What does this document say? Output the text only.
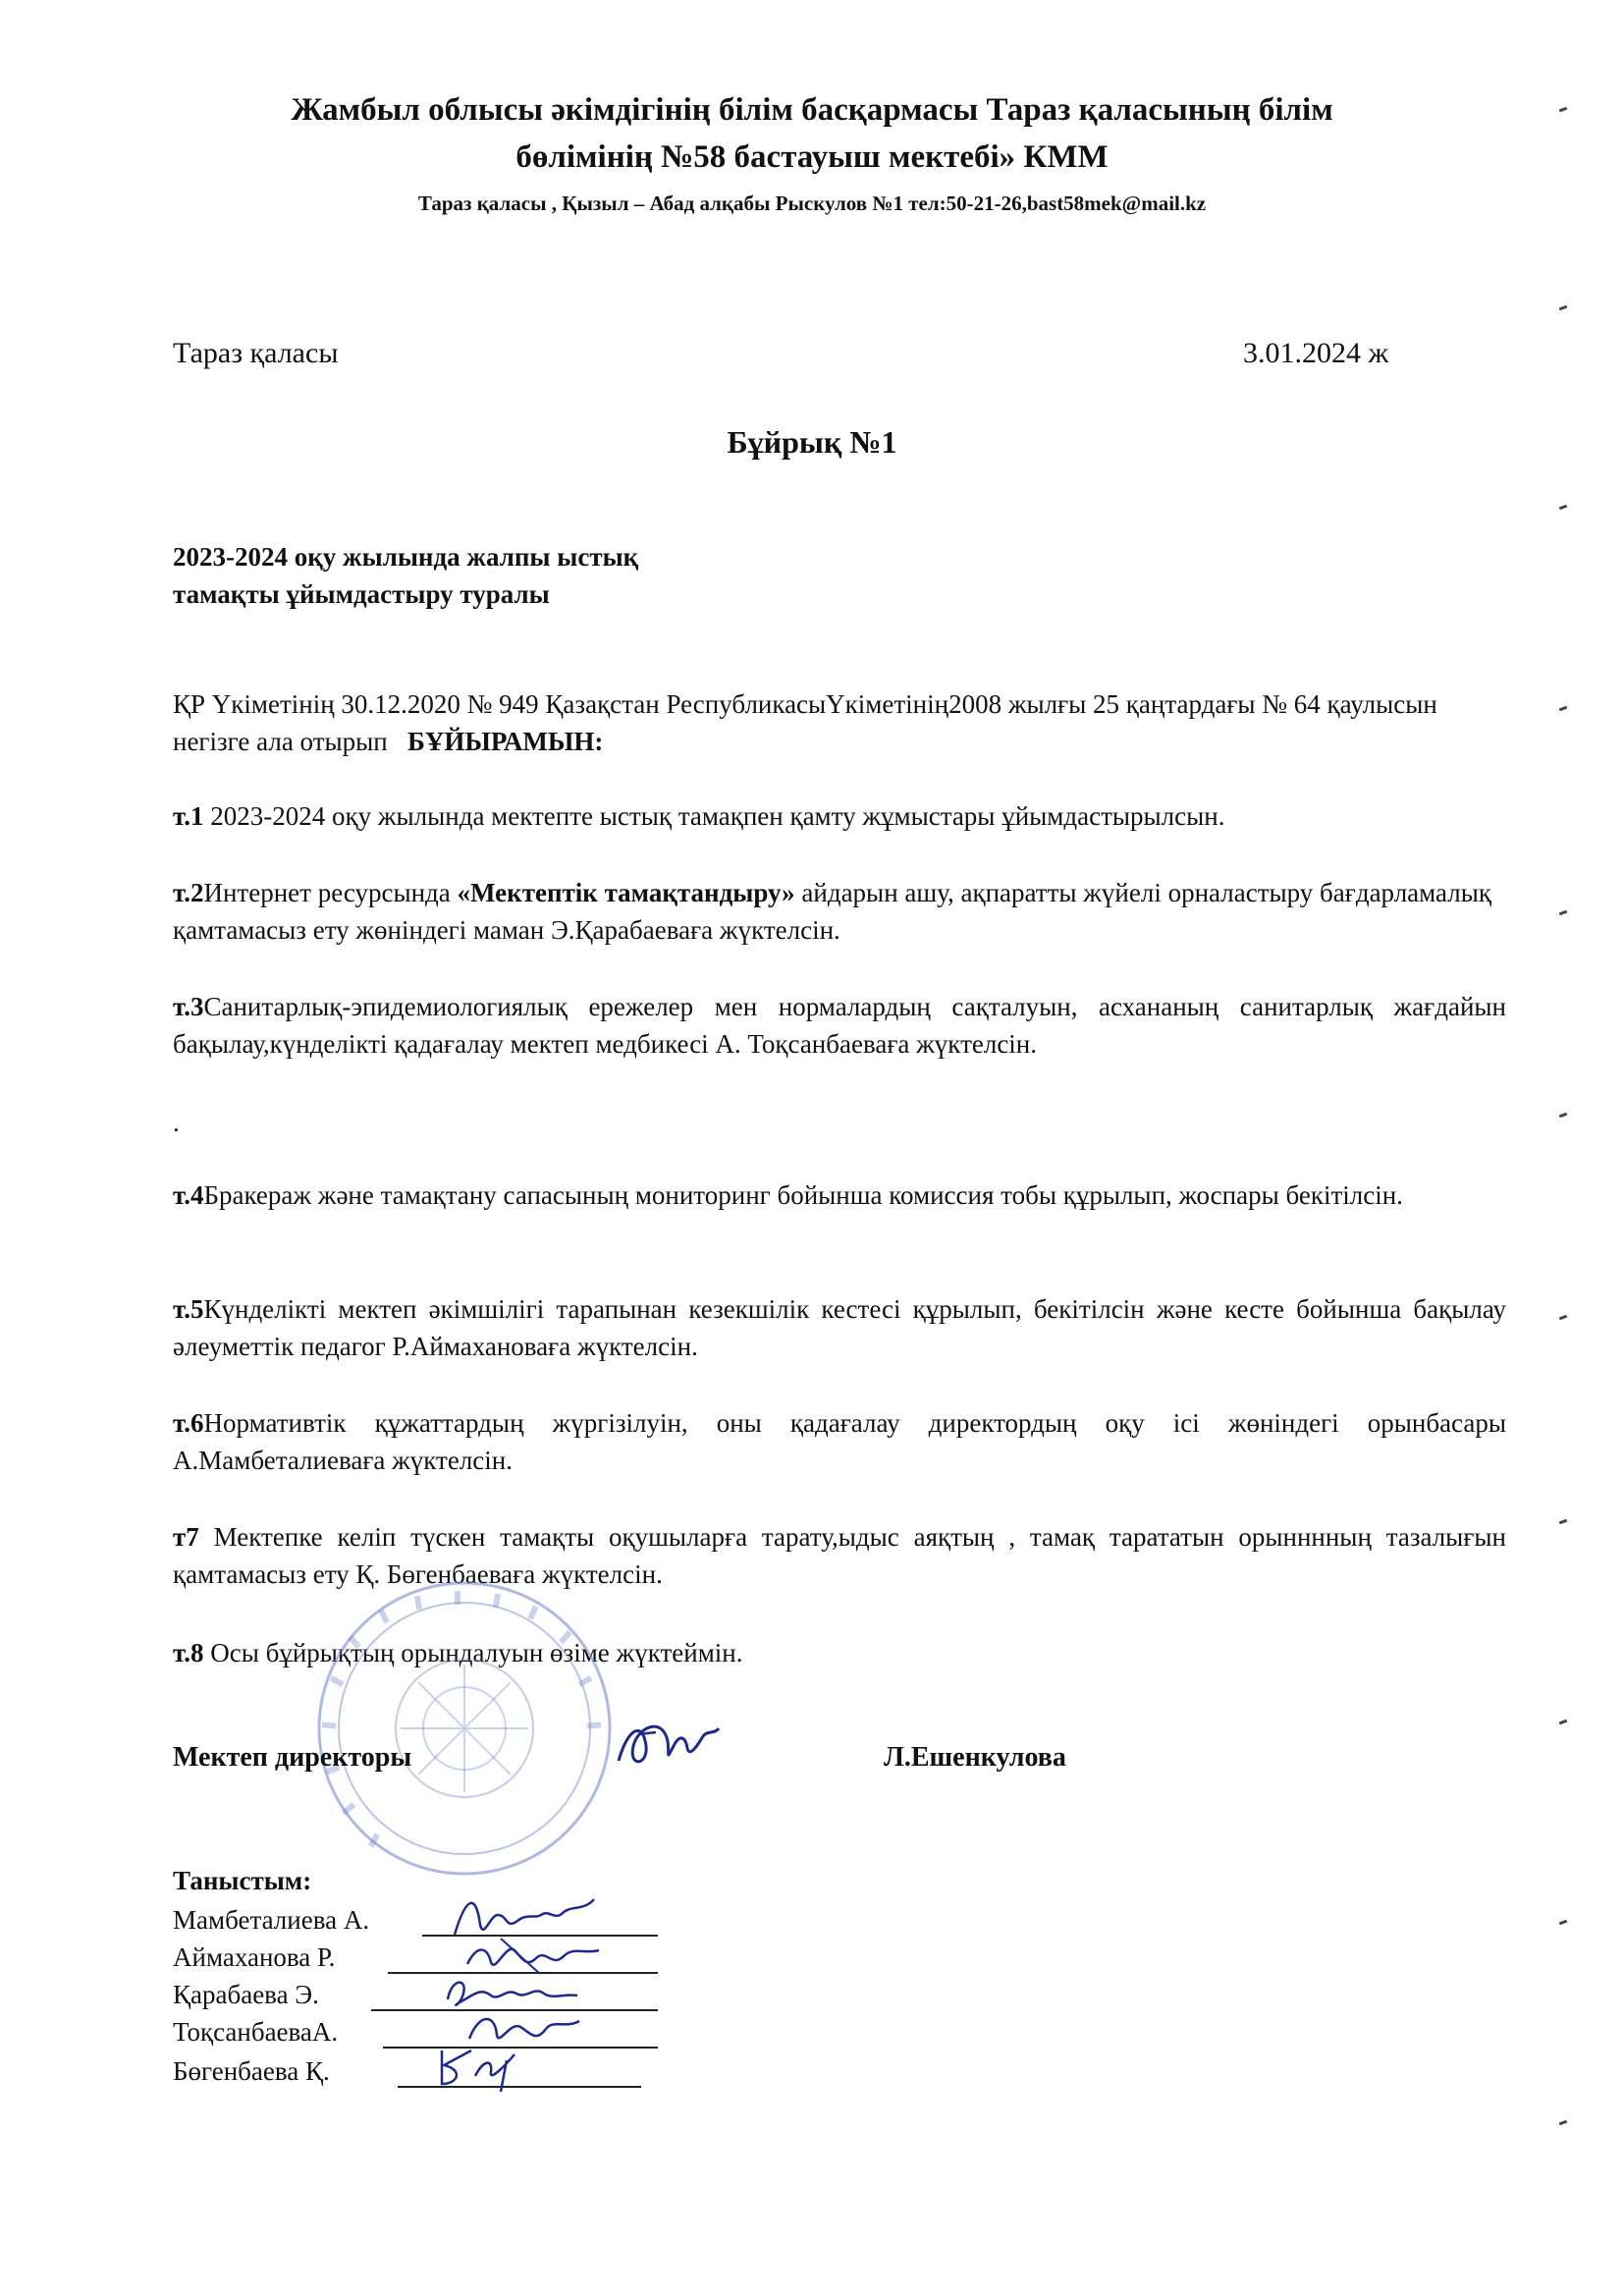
Жамбыл облысы әкімдігінің білім басқармасы Тараз қаласының білім
бөлімінің №58 бастауыш мектебі» КММ
Тараз қаласы , Қызыл – Абад алқабы Рыскулов №1 тел:50-21-26,bast58mek@mail.kz
Тараз қаласы	3.01.2024 ж
Бұйрық №1
2023-2024 оқу жылында жалпы ыстық тамақты ұйымдастыру туралы
ҚР Үкіметінің 30.12.2020 № 949 Қазақстан РеспубликасыҮкіметінің2008 жылғы 25 қаңтардағы № 64 қаулысын негізге ала отырып БҰЙЫРАМЫН:
т.1 2023-2024 оқу жылында мектепте ыстық тамақпен қамту жұмыстары ұйымдастырылсын.
т.2Интернет ресурсында «Мектептік тамақтандыру» айдарын ашу, ақпаратты жүйелі орналастыру бағдарламалық қамтамасыз ету жөніндегі маман Э.Қарабаеваға жүктелсін.
т.3Санитарлық-эпидемиологиялық ережелер мен нормалардың сақталуын, асхананың санитарлық жағдайын бақылау,күнделікті қадағалау мектеп медбикесі А. Тоқсанбаеваға жүктелсін.
.
т.4Бракераж және тамақтану сапасының мониторинг бойынша комиссия тобы құрылып, жоспары бекітілсін.
т.5Күнделікті мектеп әкімшілігі тарапынан кезекшілік кестесі құрылып, бекітілсін және кесте бойынша бақылау әлеуметтік педагог Р.Аймахановаға жүктелсін.
т.6Нормативтік құжаттардың жүргізілуін, оны қадағалау директордың оқу ісі жөніндегі орынбасары А.Мамбеталиеваға жүктелсін.
т7 Мектепке келіп түскен тамақты оқушыларға тарату,ыдыс аяқтың , тамақ тарататын орынннның тазалығын қамтамасыз ету Қ. Бөгенбаеваға жүктелсін.
т.8 Осы бұйрықтың орындалуын өзіме жүктеймін.
Мектеп директоры	Л.Ешенкулова
Таныстым:
Мамбеталиева А.
Аймаханова Р.
Қарабаева Э.
ТоқсанбаеваА.
Бөгенбаева Қ.
